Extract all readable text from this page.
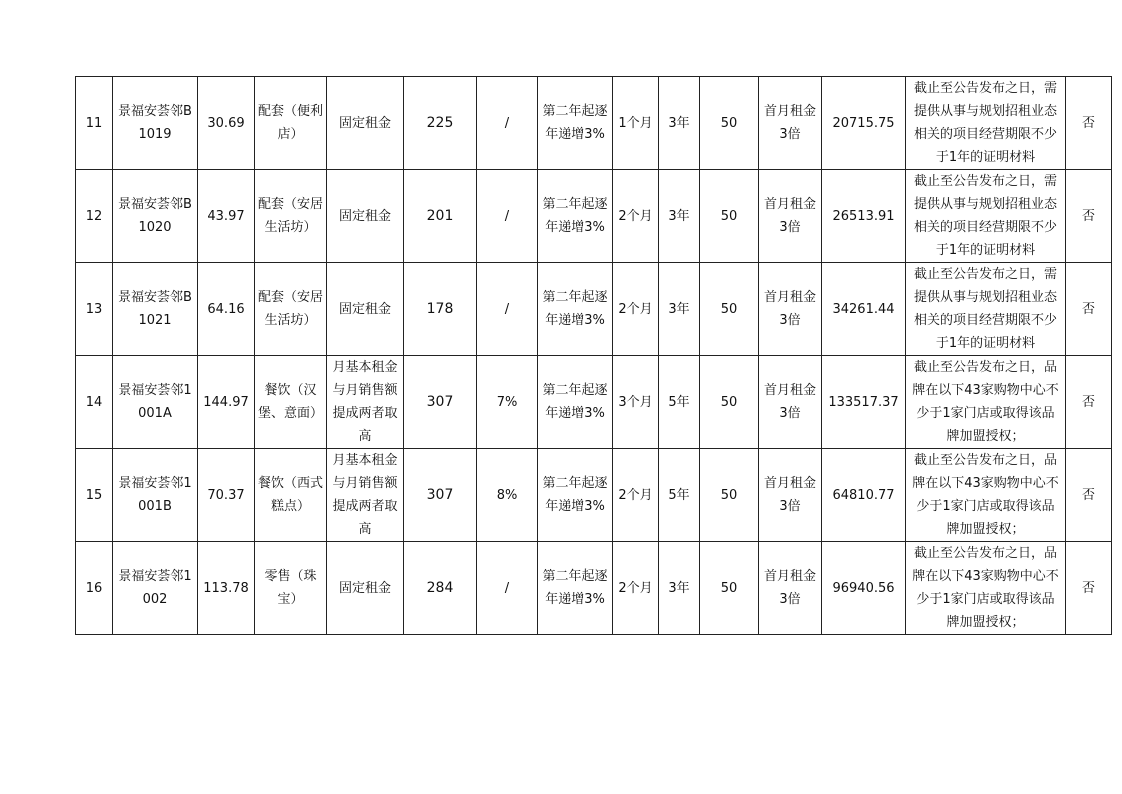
11	景福安荟邻B1019	30.69	配套（便利店）	固定租金	225	/	第二年起逐年递增3%	1个月	3年	50	首月租金3倍	20715.75	截止至公告发布之日，需提供从事与规划招租业态相关的项目经营期限不少于1年的证明材料	否
12	景福安荟邻B1020	43.97	配套（安居生活坊）	固定租金	201	/	第二年起逐年递增3%	2个月	3年	50	首月租金3倍	26513.91	截止至公告发布之日，需提供从事与规划招租业态相关的项目经营期限不少于1年的证明材料	否
13	景福安荟邻B1021	64.16	配套（安居生活坊）	固定租金	178	/	第二年起逐年递增3%	2个月	3年	50	首月租金3倍	34261.44	截止至公告发布之日，需提供从事与规划招租业态相关的项目经营期限不少于1年的证明材料	否
14	景福安荟邻1001A	144.97	餐饮（汉堡、意面）	月基本租金与月销售额提成两者取高	307	7%	第二年起逐年递增3%	3个月	5年	50	首月租金3倍	133517.37	截止至公告发布之日，品牌在以下43家购物中心不少于1家门店或取得该品牌加盟授权；	否
15	景福安荟邻1001B	70.37	餐饮（西式糕点）	月基本租金与月销售额提成两者取高	307	8%	第二年起逐年递增3%	2个月	5年	50	首月租金3倍	64810.77	截止至公告发布之日，品牌在以下43家购物中心不少于1家门店或取得该品牌加盟授权；	否
16	景福安荟邻1002	113.78	零售（珠宝）	固定租金	284	/	第二年起逐年递增3%	2个月	3年	50	首月租金3倍	96940.56	截止至公告发布之日，品牌在以下43家购物中心不少于1家门店或取得该品牌加盟授权；	否
